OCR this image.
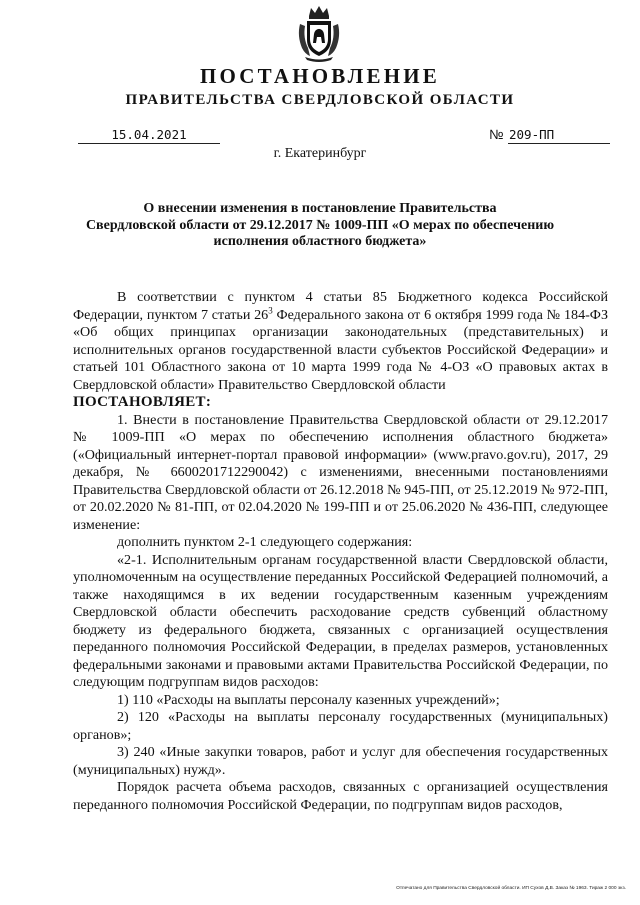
ПОСТАНОВЛЕНИЕ
ПРАВИТЕЛЬСТВА СВЕРДЛОВСКОЙ ОБЛАСТИ
15.04.2021	№ 209-ПП

г. Екатеринбург

О внесении изменения в постановление Правительства
Свердловской области от 29.12.2017 № 1009-ПП «О мерах по обеспечению
исполнения областного бюджета»

В соответствии с пунктом 4 статьи 85 Бюджетного кодекса Российской Федерации, пунктом 7 статьи $26^3$ Федерального закона от 6 октября 1999 года № 184-ФЗ «Об общих принципах организации законодательных (представительных) и исполнительных органов государственной власти субъектов Российской Федерации» и статьей 101 Областного закона от 10 марта 1999 года № 4-ОЗ «О правовых актах в Свердловской области» Правительство Свердловской области

ПОСТАНОВЛЯЕТ:

1. Внести в постановление Правительства Свердловской области от 29.12.2017 № 1009-ПП «О мерах по обеспечению исполнения областного бюджета» («Официальный интернет-портал правовой информации» (www.pravo.gov.ru), 2017, 29 декабря, № 6600201712290042) с изменениями, внесенными постановлениями Правительства Свердловской области от 26.12.2018 № 945-ПП, от 25.12.2019 № 972-ПП, от 20.02.2020 № 81-ПП, от 02.04.2020 № 199-ПП и от 25.06.2020 № 436-ПП, следующее изменение:

дополнить пунктом 2-1 следующего содержания:

«2-1. Исполнительным органам государственной власти Свердловской области, уполномоченным на осуществление переданных Российской Федерацией полномочий, а также находящимся в их ведении государственным казенным учреждениям Свердловской области обеспечить расходование средств субвенций областному бюджету из федерального бюджета, связанных с организацией осуществления переданного полномочия Российской Федерации, в пределах размеров, установленных федеральными законами и правовыми актами Правительства Российской Федерации, по следующим подгруппам видов расходов:

1) 110 «Расходы на выплаты персоналу казенных учреждений»;

2) 120 «Расходы на выплаты персоналу государственных (муниципальных) органов»;

3) 240 «Иные закупки товаров, работ и услуг для обеспечения государственных (муниципальных) нужд».

Порядок расчета объема расходов, связанных с организацией осуществления переданного полномочия Российской Федерации, по подгруппам видов расходов,

Отпечатано для Правительства Свердловской области. ИП Сухов Д.В. Заказ № 1963. Тираж 2 000 экз.
